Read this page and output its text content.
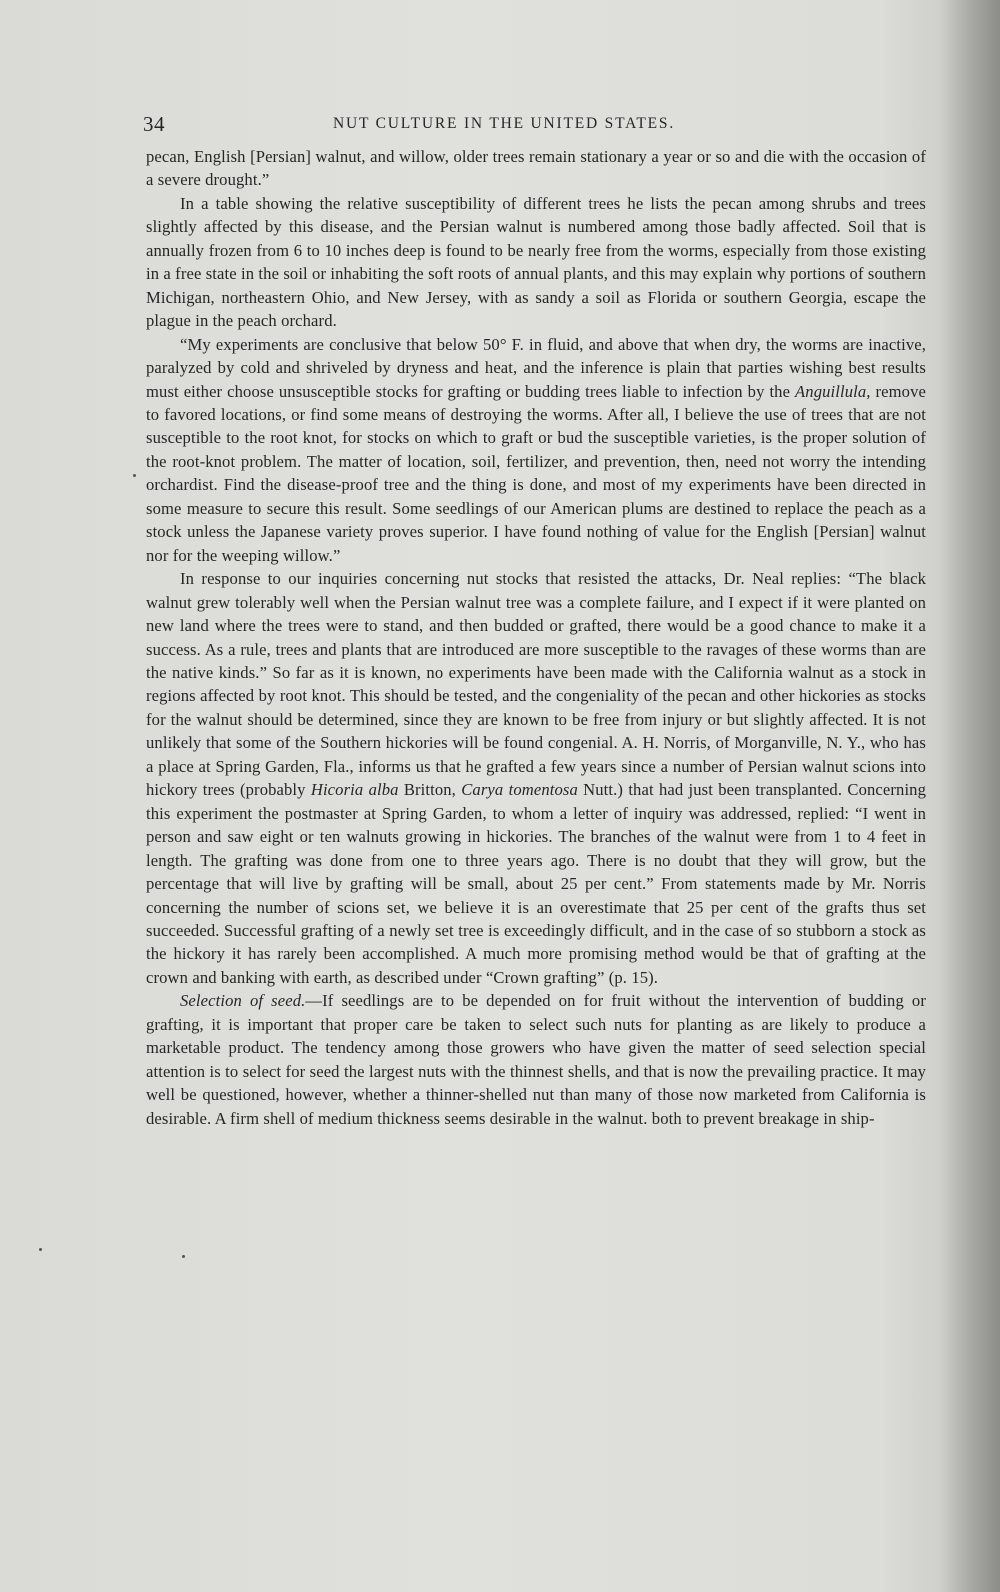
34	NUT CULTURE IN THE UNITED STATES.

pecan, English [Persian] walnut, and willow, older trees remain stationary a year or so and die with the occasion of a severe drought.”

In a table showing the relative susceptibility of different trees he lists the pecan among shrubs and trees slightly affected by this disease, and the Persian walnut is numbered among those badly affected. Soil that is annually frozen from 6 to 10 inches deep is found to be nearly free from the worms, especially from those existing in a free state in the soil or inhabiting the soft roots of annual plants, and this may explain why portions of southern Michigan, northeastern Ohio, and New Jersey, with as sandy a soil as Florida or southern Georgia, escape the plague in the peach orchard.

“My experiments are conclusive that below 50° F. in fluid, and above that when dry, the worms are inactive, paralyzed by cold and shriveled by dryness and heat, and the inference is plain that parties wishing best results must either choose unsusceptible stocks for grafting or budding trees liable to infection by the Anguillula, remove to favored locations, or find some means of destroying the worms. After all, I believe the use of trees that are not susceptible to the root knot, for stocks on which to graft or bud the susceptible varieties, is the proper solution of the root-knot problem. The matter of location, soil, fertilizer, and prevention, then, need not worry the intending orchardist. Find the disease-proof tree and the thing is done, and most of my experiments have been directed in some measure to secure this result. Some seedlings of our American plums are destined to replace the peach as a stock unless the Japanese variety proves superior. I have found nothing of value for the English [Persian] walnut nor for the weeping willow.”

In response to our inquiries concerning nut stocks that resisted the attacks, Dr. Neal replies: “The black walnut grew tolerably well when the Persian walnut tree was a complete failure, and I expect if it were planted on new land where the trees were to stand, and then budded or grafted, there would be a good chance to make it a success. As a rule, trees and plants that are introduced are more susceptible to the ravages of these worms than are the native kinds.” So far as it is known, no experiments have been made with the California walnut as a stock in regions affected by root knot. This should be tested, and the congeniality of the pecan and other hickories as stocks for the walnut should be determined, since they are known to be free from injury or but slightly affected. It is not unlikely that some of the Southern hickories will be found congenial. A. H. Norris, of Morganville, N. Y., who has a place at Spring Garden, Fla., informs us that he grafted a few years since a number of Persian walnut scions into hickory trees (probably Hicoria alba Britton, Carya tomentosa Nutt.) that had just been transplanted. Concerning this experiment the postmaster at Spring Garden, to whom a letter of inquiry was addressed, replied: “I went in person and saw eight or ten walnuts growing in hickories. The branches of the walnut were from 1 to 4 feet in length. The grafting was done from one to three years ago. There is no doubt that they will grow, but the percentage that will live by grafting will be small, about 25 per cent.” From statements made by Mr. Norris concerning the number of scions set, we believe it is an overestimate that 25 per cent of the grafts thus set succeeded. Successful grafting of a newly set tree is exceedingly difficult, and in the case of so stubborn a stock as the hickory it has rarely been accomplished. A much more promising method would be that of grafting at the crown and banking with earth, as described under “Crown grafting” (p. 15).

Selection of seed.—If seedlings are to be depended on for fruit without the intervention of budding or grafting, it is important that proper care be taken to select such nuts for planting as are likely to produce a marketable product. The tendency among those growers who have given the matter of seed selection special attention is to select for seed the largest nuts with the thinnest shells, and that is now the prevailing practice. It may well be questioned, however, whether a thinner-shelled nut than many of those now marketed from California is desirable. A firm shell of medium thickness seems desirable in the walnut. both to prevent breakage in ship-
